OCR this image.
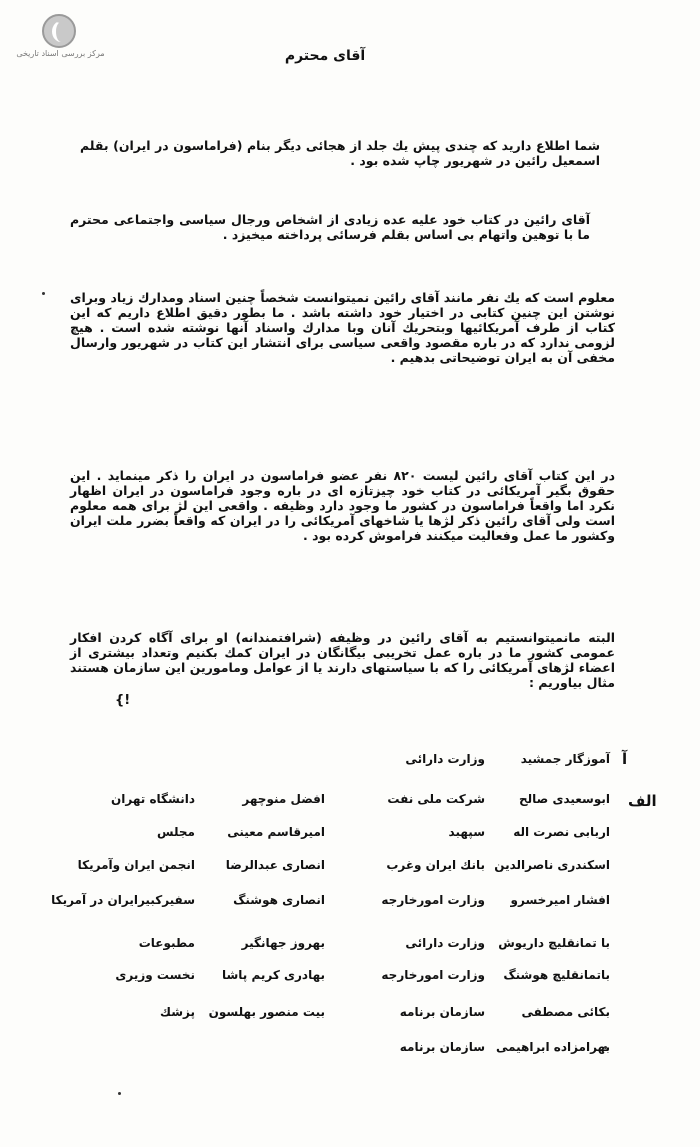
مرکز بررسی اسناد تاریخی	آقای محترم
شما اطلاع دارید که چندی پیش یك جلد از هجائی دیگر بنام (فراماسون در ایران) بقلم اسمعیل رائین در شهریور چاپ شده بود .
آقای رائین در کتاب خود علیه عده زیادی از اشخاص ورجال سیاسی واجتماعی محترم ما با توهین واتهام بی اساس بقلم فرسائی پرداخته میخیزد .
معلوم است که یك نفر مانند آقای رائین نمیتوانست شخصاً چنین اسناد ومدارك زیاد وبرای نوشتن این چنین کتابی در اختیار خود داشته باشد . ما بطور دقیق اطلاع داریم که این کتاب از طرف آمریکائیها وبتحریك آنان وبا مدارك واسناد آنها نوشته شده است . هیچ لزومی ندارد که در باره مقصود واقعی سیاسی برای انتشار این کتاب در شهریور وارسال مخفی آن به ایران توضیحاتی بدهیم .
در این کتاب آقای رائین لیست ۸۲۰ نفر عضو فراماسون در ایران را ذکر مینماید . این حقوق بگیر آمریکائی در کتاب خود چیزتازه ای در باره وجود فراماسون در ایران اظهار نکرد اما واقعاً فراماسون در کشور ما وجود دارد وظیفه . واقعی این لژ برای همه معلوم است ولی آقای رائین ذکر لژها یا شاخهای آمریکائی را در ایران که واقعاً بضرر ملت ایران وکشور ما عمل وفعالیت میکنند فراموش کرده بود .
البته مانمیتوانستیم به آقای رائین در وظیفه (شرافتمندانه) او برای آگاه کردن افکار عمومی کشور ما در باره عمل تخریبی بیگانگان در ایران کمك بکنیم وتعداد بیشتری از اعضاء لژهای آمریکائی را که با سیاستهای دارند یا از عوامل ومامورین این سازمان هستند مثال بیاوریم :
{!
آ
الف
آموزگار جمشید
وزارت دارائی
ابوسعیدی صالح
شرکت ملی نفت
افضل منوچهر
دانشگاه تهران
اربابی نصرت اله
سپهبد
امیرقاسم معینی
مجلس
اسکندری ناصرالدین
بانك ایران وغرب
انصاری عبدالرضا
انجمن ایران وآمریکا
افشار امیرخسرو
وزارت امورخارجه
انصاری هوشنگ
سفیرکبیرایران در آمریکا
با تمانقلیچ داریوش
وزارت دارائی
بهروز جهانگیر
مطبوعات
باتمانقلیچ هوشنگ
وزارت امورخارجه
بهادری کریم پاشا
نخست وزیری
بکائی مصطفی
سازمان برنامه
بیت منصور بهلسون
پزشك
بهرامزاده ابراهیمی
سازمان برنامه
